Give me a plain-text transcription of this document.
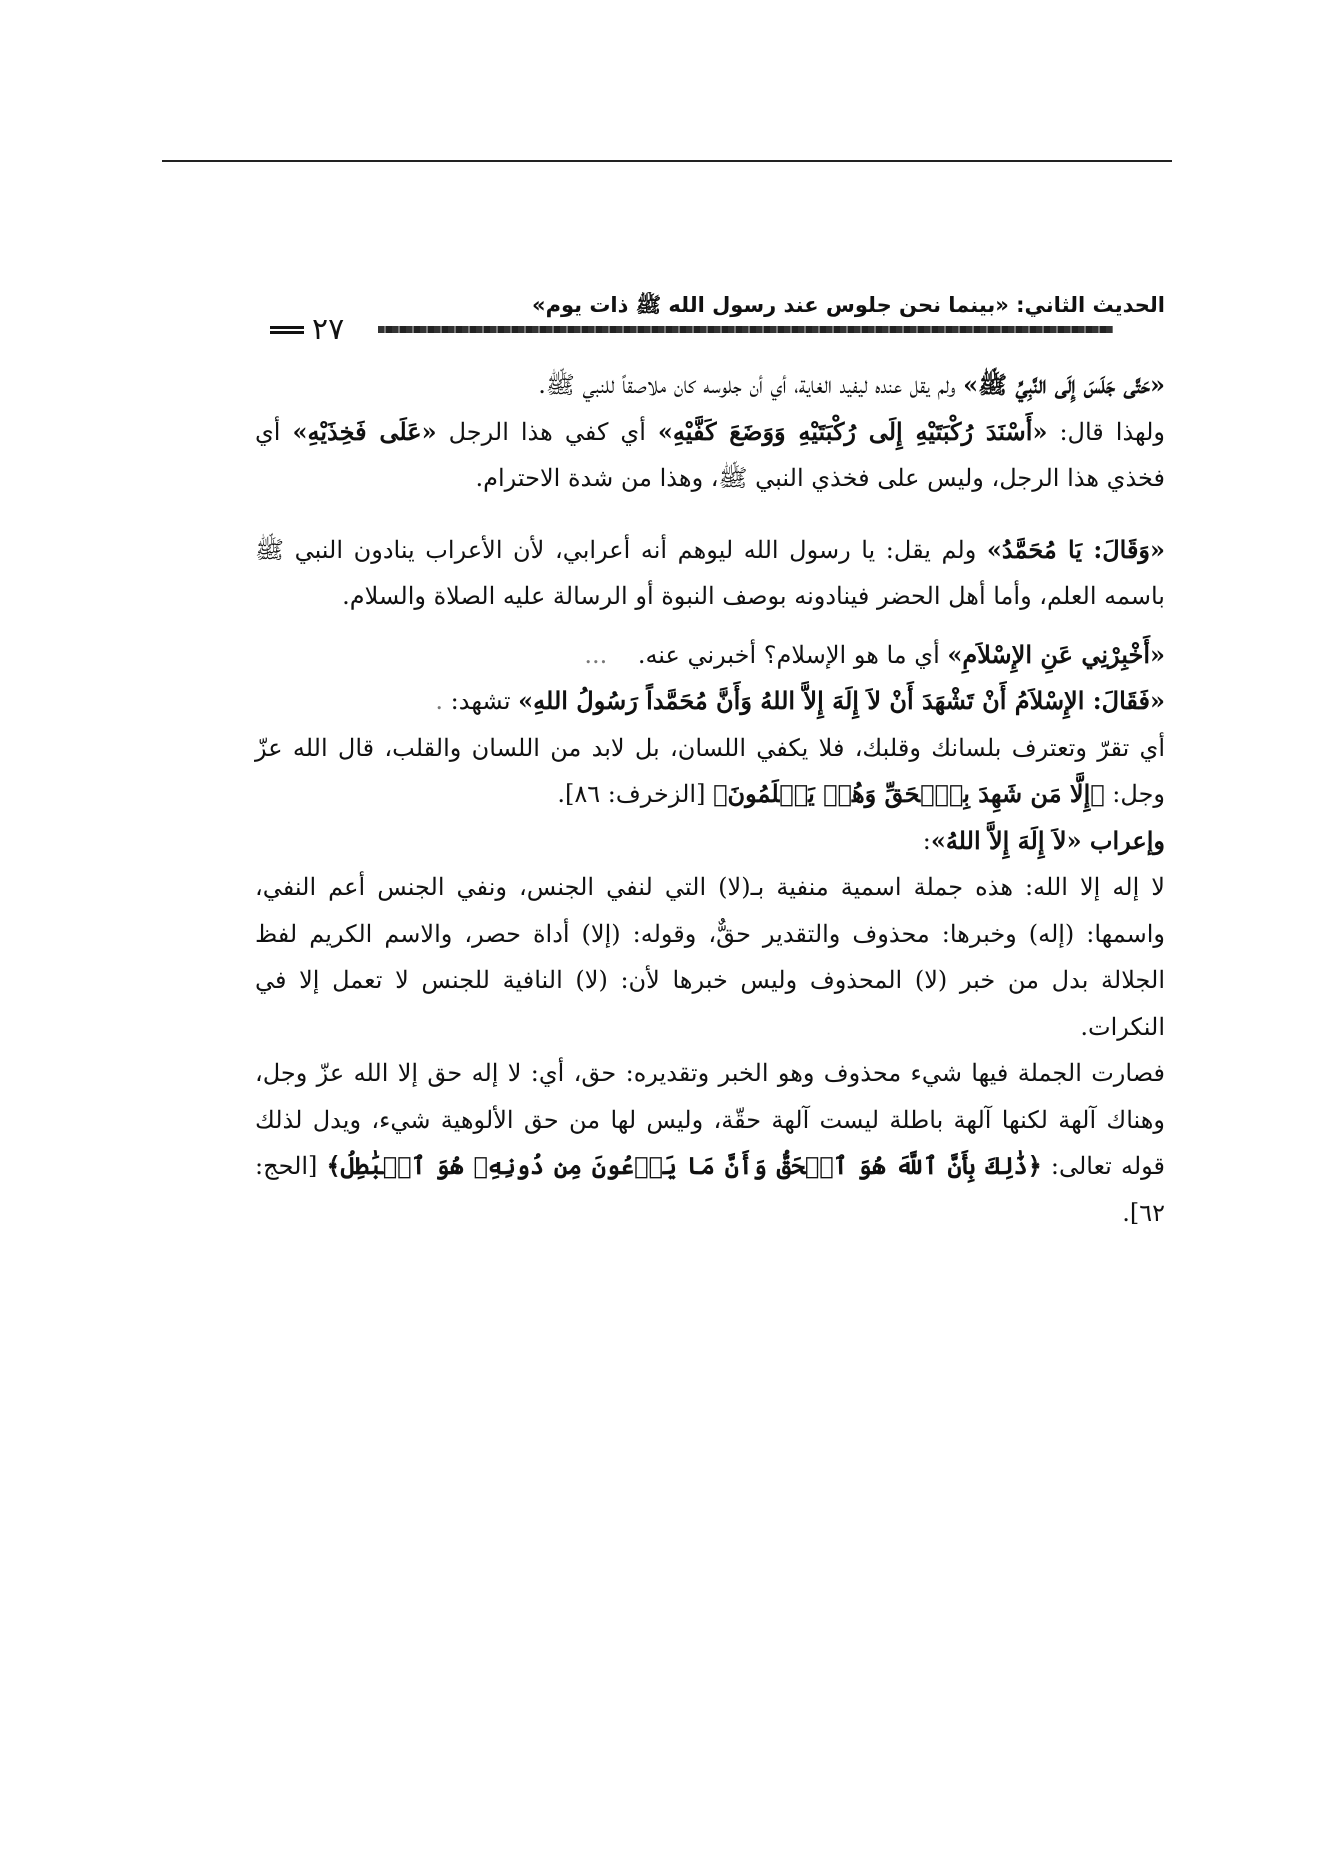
الحديث الثاني: «بينما نحن جلوس عند رسول الله ﷺ ذات يوم»
٢٧

«حَتَّى جَلَسَ إِلَى النَّبِيِّ ﷺ» ولم يقل عنده ليفيد الغاية، أي أن جلوسه كان ملاصقاً للنبي ﷺ.

ولهذا قال: «أَسْنَدَ رُكْبَتَيْهِ إِلَى رُكْبَتَيْهِ وَوَضَعَ كَفَّيْهِ» أي كفي هذا الرجل «عَلَى فَخِذَيْهِ» أي فخذي هذا الرجل، وليس على فخذي النبي ﷺ، وهذا من شدة الاحترام.

«وَقَالَ: يَا مُحَمَّدُ» ولم يقل: يا رسول الله ليوهم أنه أعرابي، لأن الأعراب ينادون النبي ﷺ باسمه العلم، وأما أهل الحضر فينادونه بوصف النبوة أو الرسالة عليه الصلاة والسلام.

«أَخْبِرْنِي عَنِ الإِسْلاَمِ» أي ما هو الإسلام؟ أخبرني عنه.    ...

«فَقَالَ: الإِسْلاَمُ أَنْ تَشْهَدَ أَنْ لاَ إِلَهَ إِلاَّ اللهُ وَأَنَّ مُحَمَّداً رَسُولُ اللهِ» تشهد: .

أي تقرّ وتعترف بلسانك وقلبك، فلا يكفي اللسان، بل لابد من اللسان والقلب، قال الله عزّ وجل: ﴿إِلَّا مَن شَهِدَ بِٱلۡحَقِّ وَهُمۡ يَعۡلَمُونَ﴾ [الزخرف: ٨٦].

وإعراب «لاَ إِلَهَ إِلاَّ اللهُ»:

لا إله إلا الله: هذه جملة اسمية منفية بـ(لا) التي لنفي الجنس، ونفي الجنس أعم النفي، واسمها: (إله) وخبرها: محذوف والتقدير حقٌّ، وقوله: (إلا) أداة حصر، والاسم الكريم لفظ الجلالة بدل من خبر (لا) المحذوف وليس خبرها لأن: (لا) النافية للجنس لا تعمل إلا في النكرات.

فصارت الجملة فيها شيء محذوف وهو الخبر وتقديره: حق، أي: لا إله حق إلا الله عزّ وجل، وهناك آلهة لكنها آلهة باطلة ليست آلهة حقّة، وليس لها من حق الألوهية شيء، ويدل لذلك قوله تعالى: ﴿ذَٰلِكَ بِأَنَّ ٱللَّهَ هُوَ ٱلۡحَقُّ وَأَنَّ مَا يَدۡعُونَ مِن دُونِهِۦ هُوَ ٱلۡبَٰطِلُ﴾ [الحج: ٦٢].
